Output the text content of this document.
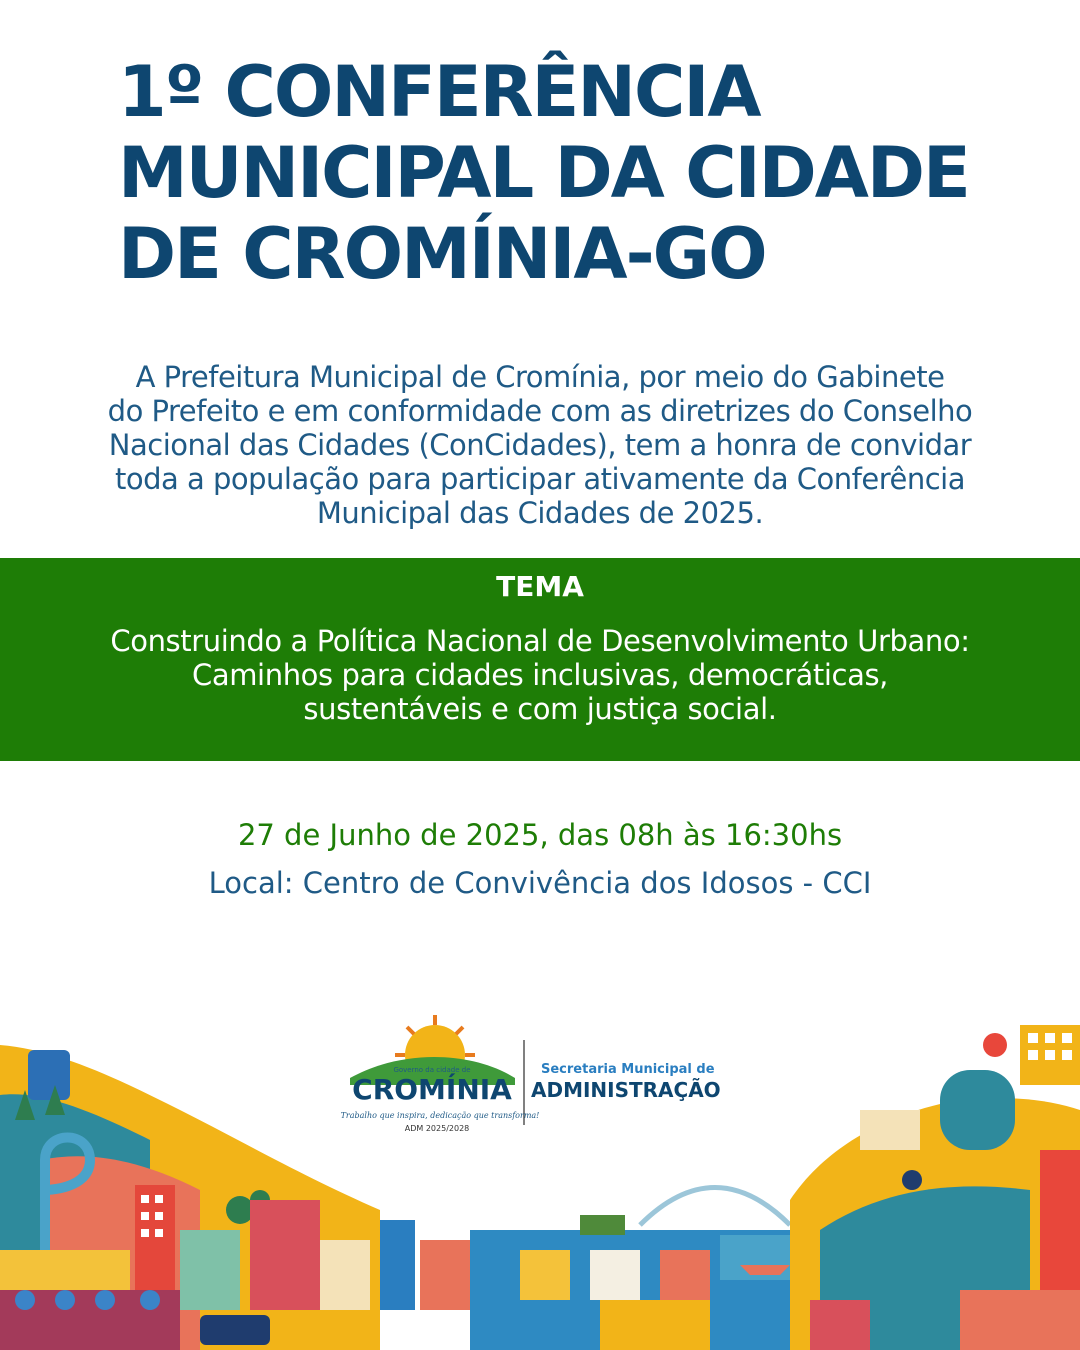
1º CONFERÊNCIA
MUNICIPAL DA CIDADE
DE CROMÍNIA-GO

A Prefeitura Municipal de Cromínia, por meio do Gabinete
do Prefeito e em conformidade com as diretrizes do Conselho
Nacional das Cidades (ConCidades), tem a honra de convidar
toda a população para participar ativamente da Conferência
Municipal das Cidades de 2025.

TEMA

Construindo a Política Nacional de Desenvolvimento Urbano:
Caminhos para cidades inclusivas, democráticas,
sustentáveis e com justiça social.

27 de Junho de 2025, das 08h às 16:30hs
Local: Centro de Convivência dos Idosos - CCI
Governo da cidade de
CROMÍNIA
Trabalho que inspira, dedicação que transforma!
ADM 2025/2028
Secretaria Municipal de
ADMINISTRAÇÃO
